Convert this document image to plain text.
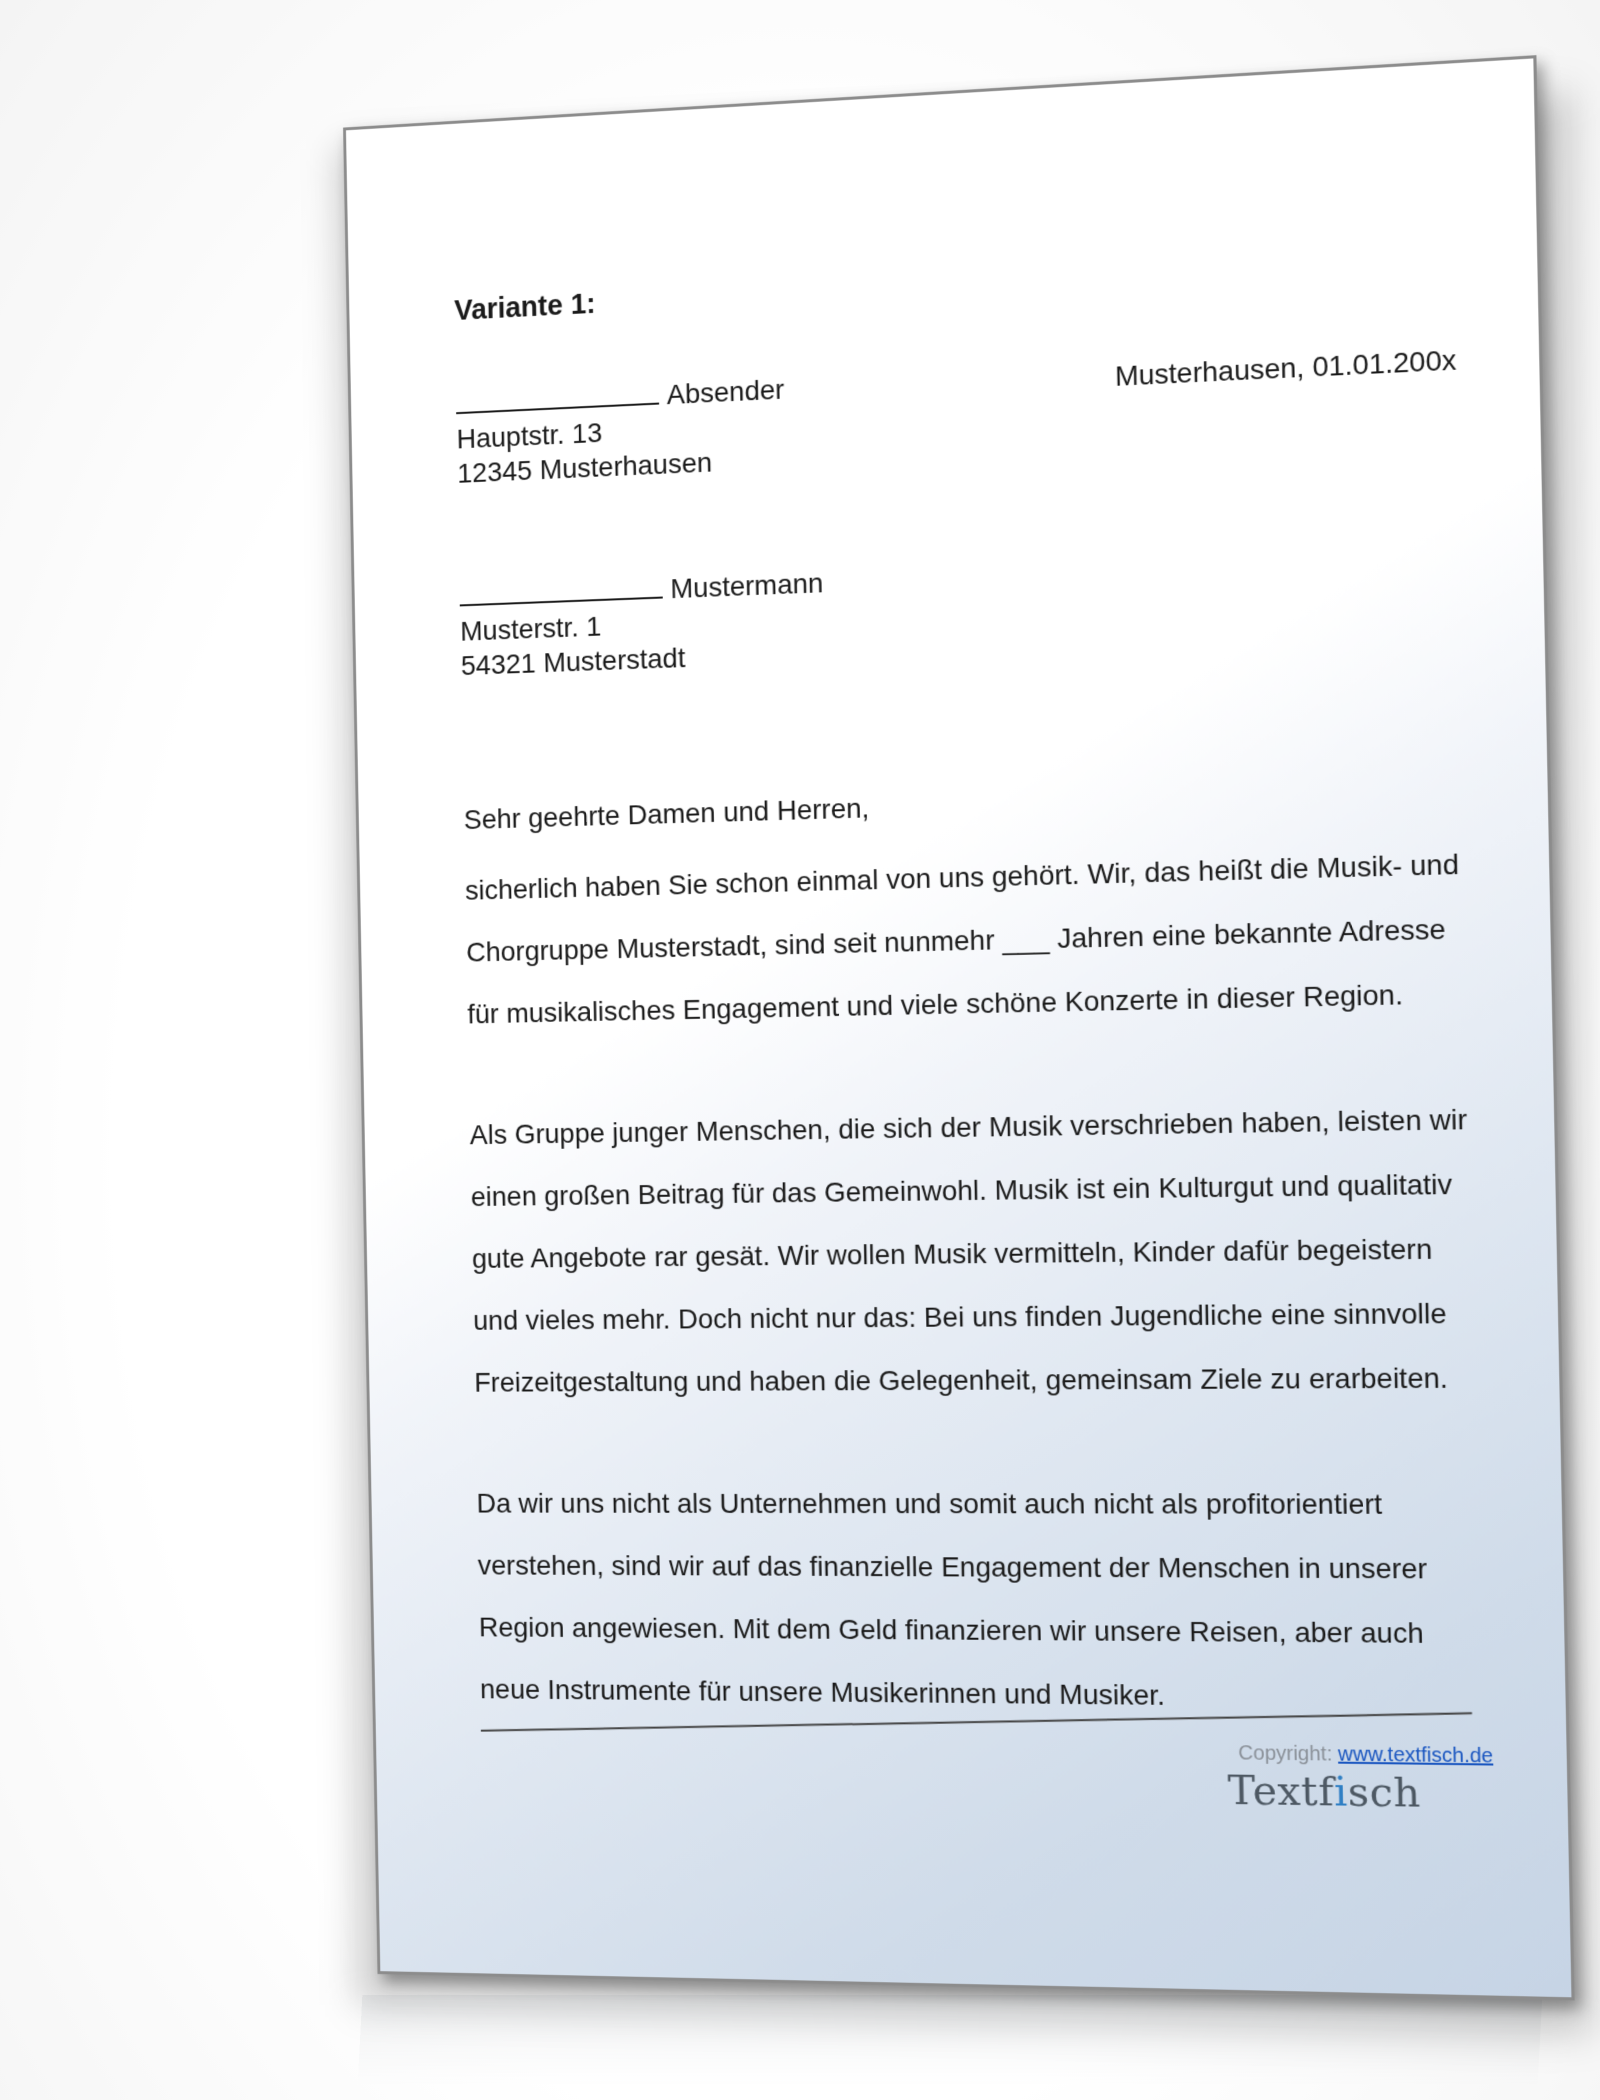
Variante 1:
Absender
Hauptstr. 13
12345 Musterhausen
Musterhausen, 01.01.200x
Mustermann
Musterstr. 1
54321 Musterstadt

Sehr geehrte Damen und Herren,

sicherlich haben Sie schon einmal von uns gehört. Wir, das heißt die Musik- und Chorgruppe Musterstadt, sind seit nunmehr ___ Jahren eine bekannte Adresse für musikalisches Engagement und viele schöne Konzerte in dieser Region.

Als Gruppe junger Menschen, die sich der Musik verschrieben haben, leisten wir einen großen Beitrag für das Gemeinwohl. Musik ist ein Kulturgut und qualitativ gute Angebote rar gesät. Wir wollen Musik vermitteln, Kinder dafür begeistern und vieles mehr. Doch nicht nur das: Bei uns finden Jugendliche eine sinnvolle Freizeitgestaltung und haben die Gelegenheit, gemeinsam Ziele zu erarbeiten.

Da wir uns nicht als Unternehmen und somit auch nicht als profitorientiert verstehen, sind wir auf das finanzielle Engagement der Menschen in unserer Region angewiesen. Mit dem Geld finanzieren wir unsere Reisen, aber auch neue Instrumente für unsere Musikerinnen und Musiker.

Copyright: www.textfisch.de
Textfisch
